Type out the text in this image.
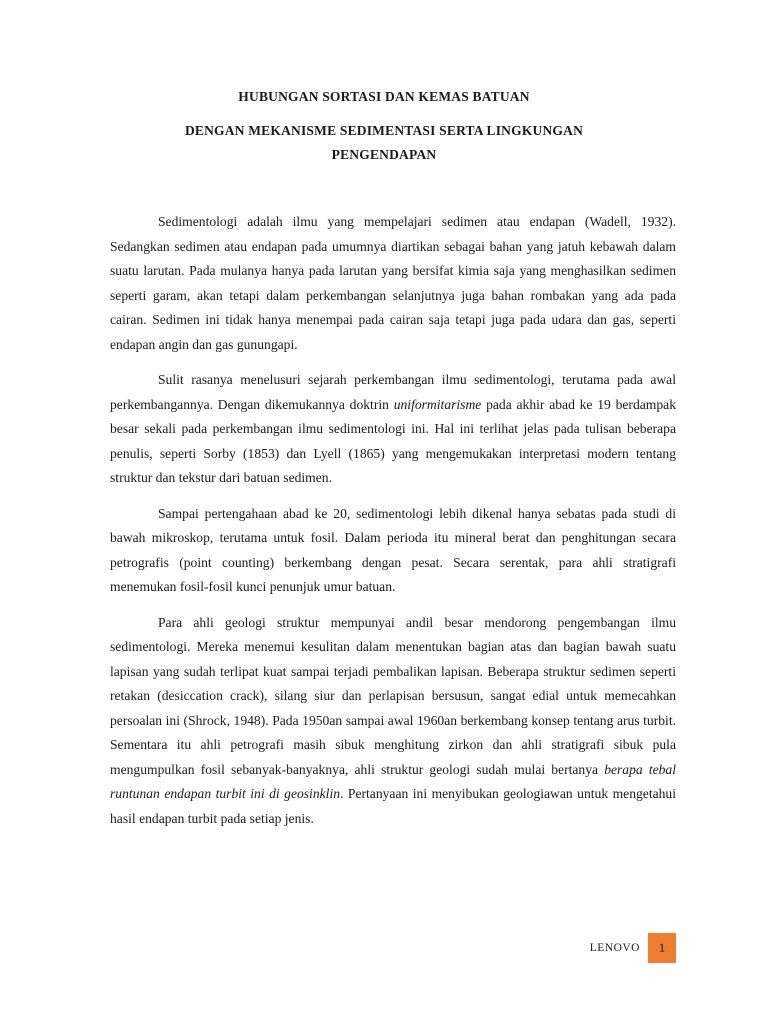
HUBUNGAN SORTASI DAN KEMAS BATUAN

DENGAN MEKANISME SEDIMENTASI SERTA LINGKUNGAN

PENGENDAPAN

Sedimentologi adalah ilmu yang mempelajari sedimen atau endapan (Wadell, 1932). Sedangkan sedimen atau endapan pada umumnya diartikan sebagai bahan yang jatuh kebawah dalam suatu larutan. Pada mulanya hanya pada larutan yang bersifat kimia saja yang menghasilkan sedimen seperti garam, akan tetapi dalam perkembangan selanjutnya juga bahan rombakan yang ada pada cairan. Sedimen ini tidak hanya menempai pada cairan saja tetapi juga pada udara dan gas, seperti endapan angin dan gas gunungapi.

Sulit rasanya menelusuri sejarah perkembangan ilmu sedimentologi, terutama pada awal perkembangannya. Dengan dikemukannya doktrin uniformitarisme pada akhir abad ke 19 berdampak besar sekali pada perkembangan ilmu sedimentologi ini. Hal ini terlihat jelas pada tulisan beberapa penulis, seperti Sorby (1853) dan Lyell (1865) yang mengemukakan interpretasi modern tentang struktur dan tekstur dari batuan sedimen.

Sampai pertengahaan abad ke 20, sedimentologi lebih dikenal hanya sebatas pada studi di bawah mikroskop, terutama untuk fosil. Dalam perioda itu mineral berat dan penghitungan secara petrografis (point counting) berkembang dengan pesat. Secara serentak, para ahli stratigrafi menemukan fosil-fosil kunci penunjuk umur batuan.

Para ahli geologi struktur mempunyai andil besar mendorong pengembangan ilmu sedimentologi. Mereka menemui kesulitan dalam menentukan bagian atas dan bagian bawah suatu lapisan yang sudah terlipat kuat sampai terjadi pembalikan lapisan. Beberapa struktur sedimen seperti retakan (desiccation crack), silang siur dan perlapisan bersusun, sangat edial untuk memecahkan persoalan ini (Shrock, 1948). Pada 1950an sampai awal 1960an berkembang konsep tentang arus turbit. Sementara itu ahli petrografi masih sibuk menghitung zirkon dan ahli stratigrafi sibuk pula mengumpulkan fosil sebanyak-banyaknya, ahli struktur geologi sudah mulai bertanya berapa tebal runtunan endapan turbit ini di geosinklin. Pertanyaan ini menyibukan geologiawan untuk mengetahui hasil endapan turbit pada setiap jenis.

LENOVO	1
